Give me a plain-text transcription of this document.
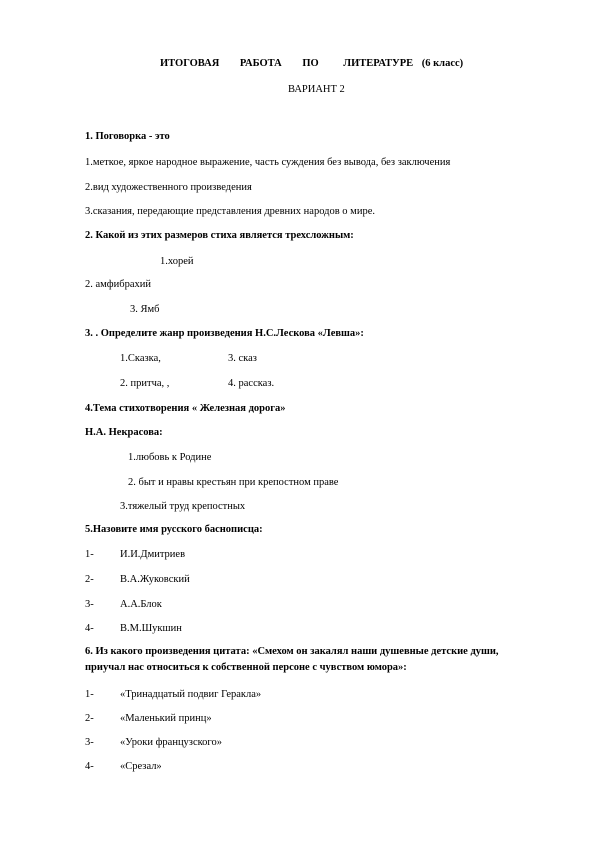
ИТОГОВАЯ РАБОТА ПО ЛИТЕРАТУРЕ (6 класс)
ВАРИАНТ 2
1. Поговорка - это
1.меткое, яркое народное выражение, часть суждения без вывода, без заключения
2.вид художественного произведения
3.сказания, передающие представления древних народов о мире.
2. Какой из этих размеров стиха является трехсложным:
1.хорей
2. амфибрахий
3. Ямб
3. . Определите жанр произведения Н.С.Лескова «Левша»:
1.Сказка,	3. сказ
2. притча, ,	4. рассказ.
4.Тема стихотворения « Железная дорога»
Н.А. Некрасова:
1.любовь к Родине
2. быт и нравы крестьян при крепостном праве
3.тяжелый труд крепостных
5.Назовите имя русского баснописца:
1-	И.И.Дмитриев
2-	В.А.Жуковский
3-	А.А.Блок
4-	В.М.Шукшин
6. Из какого произведения цитата: «Смехом он закалял наши душевные детские души, приучал нас относиться к собственной персоне с чувством юмора»:
1-	«Тринадцатый подвиг Геракла»
2-	«Маленький принц»
3-	«Уроки французского»
4-	«Срезал»
